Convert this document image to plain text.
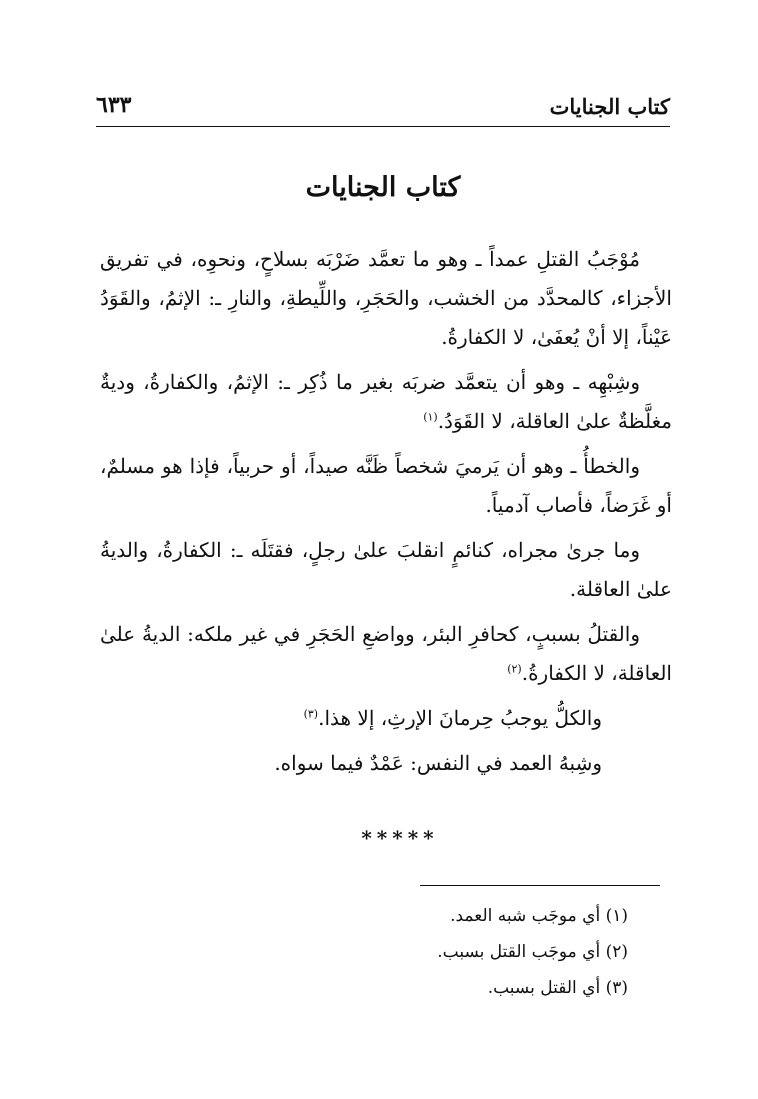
كتاب الجنايات
٦٣٣
كتاب الجنايات

مُوْجَبُ القتلِ عمداً ـ وهو ما تعمَّد ضَرْبَه بسلاحٍ، ونحوِه، في تفريق الأجزاء، كالمحدَّد من الخشب، والحَجَرِ، واللِّيطةِ، والنارِ ـ: الإثمُ، والقَوَدُ عَيْناً، إلا أنْ يُعفَىٰ، لا الكفارةُ.

وشِبْهِه ـ وهو أن يتعمَّد ضربَه بغير ما ذُكِر ـ: الإثمُ، والكفارةُ، وديةٌ مغلَّظةٌ علىٰ العاقلة، لا القَوَدُ.$^{(١)}$

والخطأُ ـ وهو أن يَرميَ شخصاً ظَنَّه صيداً، أو حربياً، فإذا هو مسلمٌ، أو غَرَضاً، فأصاب آدمياً.

وما جرىٰ مجراه، كنائمٍ انقلبَ علىٰ رجلٍ، فقتَلَه ـ: الكفارةُ، والديةُ علىٰ العاقلة.

والقتلُ بسببٍ، كحافرِ البئر، وواضعِ الحَجَرِ في غير ملكه: الديةُ علىٰ العاقلة، لا الكفارةُ.$^{(٢)}$

والكلُّ يوجبُ حِرمانَ الإرثِ، إلا هذا.$^{(٣)}$

وشِبهُ العمد في النفس: عَمْدٌ فيما سواه.

*****

(١) أي موجَب شبه العمد.

(٢) أي موجَب القتل بسبب.

(٣) أي القتل بسبب.
